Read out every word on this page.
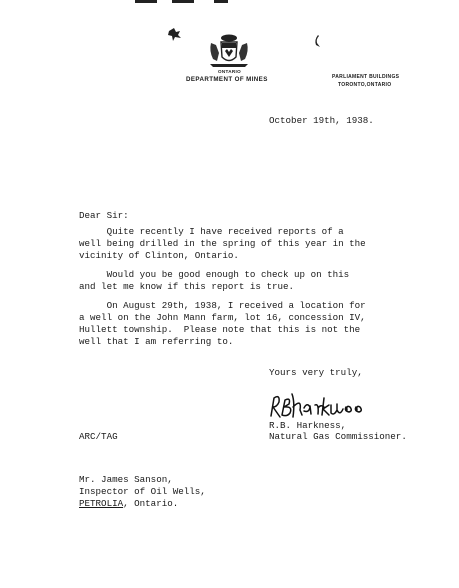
ONTARIO
DEPARTMENT OF MINES	PARLIAMENT BUILDINGS
TORONTO,ONTARIO
October 19th, 1938.
Dear Sir:
Quite recently I have received reports of a
well being drilled in the spring of this year in the
vicinity of Clinton, Ontario.
Would you be good enough to check up on this
and let me know if this report is true.
On August 29th, 1938, I received a location for
a well on the John Mann farm, lot 16, concession IV,
Hullett township.  Please note that this is not the
well that I am referring to.
Yours very truly,
R.B. Harkness,
Natural Gas Commissioner.
ARC/TAG
Mr. James Sanson,
Inspector of Oil Wells,
PETROLIA, Ontario.
